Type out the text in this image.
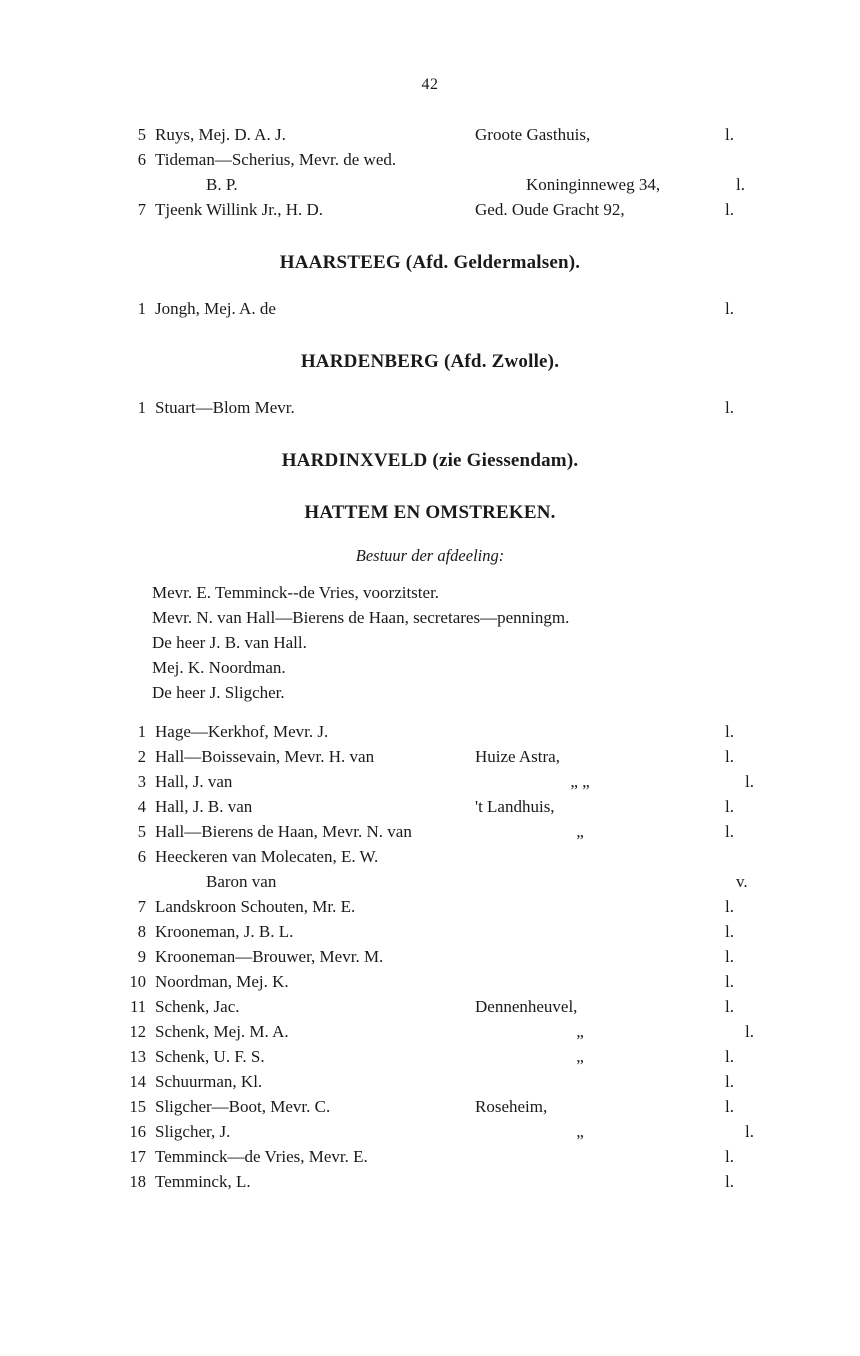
42
5 Ruys, Mej. D. A. J.	Groote Gasthuis,	l.
6 Tideman—Scherius, Mevr. de wed.
B. P.	Koninginneweg 34,	l.
7 Tjeenk Willink Jr., H. D.	Ged. Oude Gracht 92,	l.
HAARSTEEG (Afd. Geldermalsen).
1 Jongh, Mej. A. de	l.
HARDENBERG (Afd. Zwolle).
1 Stuart—Blom Mevr.	l.
HARDINXVELD (zie Giessendam).
HATTEM EN OMSTREKEN.
Bestuur der afdeeling:
Mevr. E. Temminck--de Vries, voorzitster.
Mevr. N. van Hall—Bierens de Haan, secretares—penningm.
De heer J. B. van Hall.
Mej. K. Noordman.
De heer J. Sligcher.
1 Hage—Kerkhof, Mevr. J.	l.
2 Hall—Boissevain, Mevr. H. van	Huize Astra,	l.
3 Hall, J. van	„ „	l.
4 Hall, J. B. van	't Landhuis,	l.
5 Hall—Bierens de Haan, Mevr. N. van	„	l.
6 Heeckeren van Molecaten, E. W.
Baron van	v.
7 Landskroon Schouten, Mr. E.	l.
8 Krooneman, J. B. L.	l.
9 Krooneman—Brouwer, Mevr. M.	l.
10 Noordman, Mej. K.	l.
11 Schenk, Jac.	Dennenheuvel,	l.
12 Schenk, Mej. M. A.	„	l.
13 Schenk, U. F. S.	„	l.
14 Schuurman, Kl.	l.
15 Sligcher—Boot, Mevr. C.	Roseheim,	l.
16 Sligcher, J.	„	l.
17 Temminck—de Vries, Mevr. E.	l.
18 Temminck, L.	l.
